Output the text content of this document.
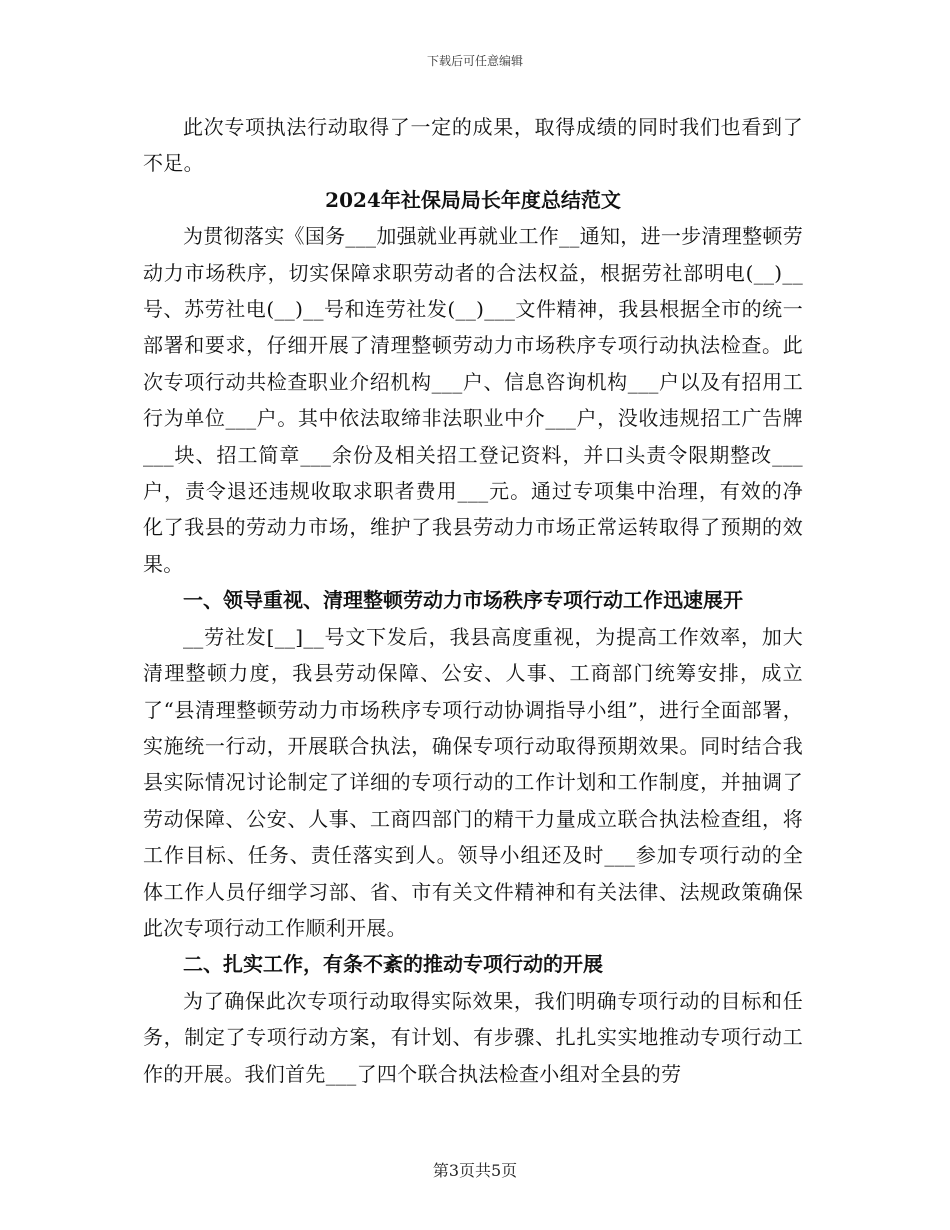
下载后可任意编辑

此次专项执法行动取得了一定的成果，取得成绩的同时我们也看到了不足。

2024年社保局局长年度总结范文

为贯彻落实《国务___加强就业再就业工作__通知，进一步清理整顿劳动力市场秩序，切实保障求职劳动者的合法权益，根据劳社部明电(__)__号、苏劳社电(__)__号和连劳社发(__)___文件精神，我县根据全市的统一部署和要求，仔细开展了清理整顿劳动力市场秩序专项行动执法检查。此次专项行动共检查职业介绍机构___户、信息咨询机构___户以及有招用工行为单位___户。其中依法取缔非法职业中介___户，没收违规招工广告牌___块、招工简章___余份及相关招工登记资料，并口头责令限期整改___户，责令退还违规收取求职者费用___元。通过专项集中治理，有效的净化了我县的劳动力市场，维护了我县劳动力市场正常运转取得了预期的效果。

一、领导重视、清理整顿劳动力市场秩序专项行动工作迅速展开

__劳社发[__]__号文下发后，我县高度重视，为提高工作效率，加大清理整顿力度，我县劳动保障、公安、人事、工商部门统筹安排，成立了“县清理整顿劳动力市场秩序专项行动协调指导小组”，进行全面部署，实施统一行动，开展联合执法，确保专项行动取得预期效果。同时结合我县实际情况讨论制定了详细的专项行动的工作计划和工作制度，并抽调了劳动保障、公安、人事、工商四部门的精干力量成立联合执法检查组，将工作目标、任务、责任落实到人。领导小组还及时___参加专项行动的全体工作人员仔细学习部、省、市有关文件精神和有关法律、法规政策确保此次专项行动工作顺利开展。

二、扎实工作，有条不紊的推动专项行动的开展

为了确保此次专项行动取得实际效果，我们明确专项行动的目标和任务，制定了专项行动方案，有计划、有步骤、扎扎实实地推动专项行动工作的开展。我们首先___了四个联合执法检查小组对全县的劳

第3页共5页
